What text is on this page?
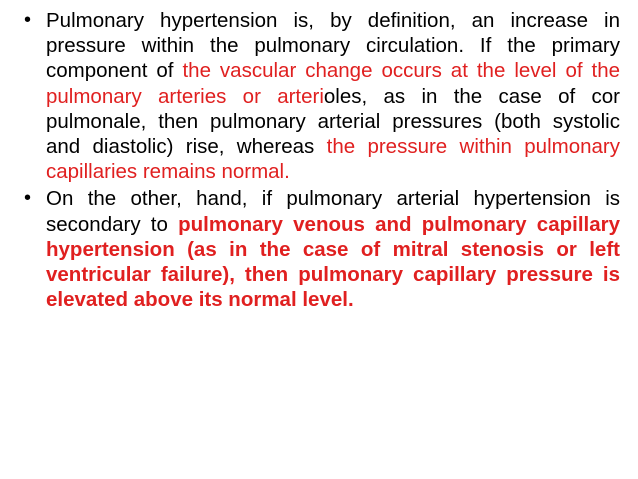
• Pulmonary hypertension is, by definition, an increase in pressure within the pulmonary circulation. If the primary component of the vascular change occurs at the level of the pulmonary arteries or arterioles, as in the case of cor pulmonale, then pulmonary arterial pressures (both systolic and diastolic) rise, whereas the pressure within pulmonary capillaries remains normal.
• On the other, hand, if pulmonary arterial hypertension is secondary to pulmonary venous and pulmonary capillary hypertension (as in the case of mitral stenosis or left ventricular failure), then pulmonary capillary pressure is elevated above its normal level.
